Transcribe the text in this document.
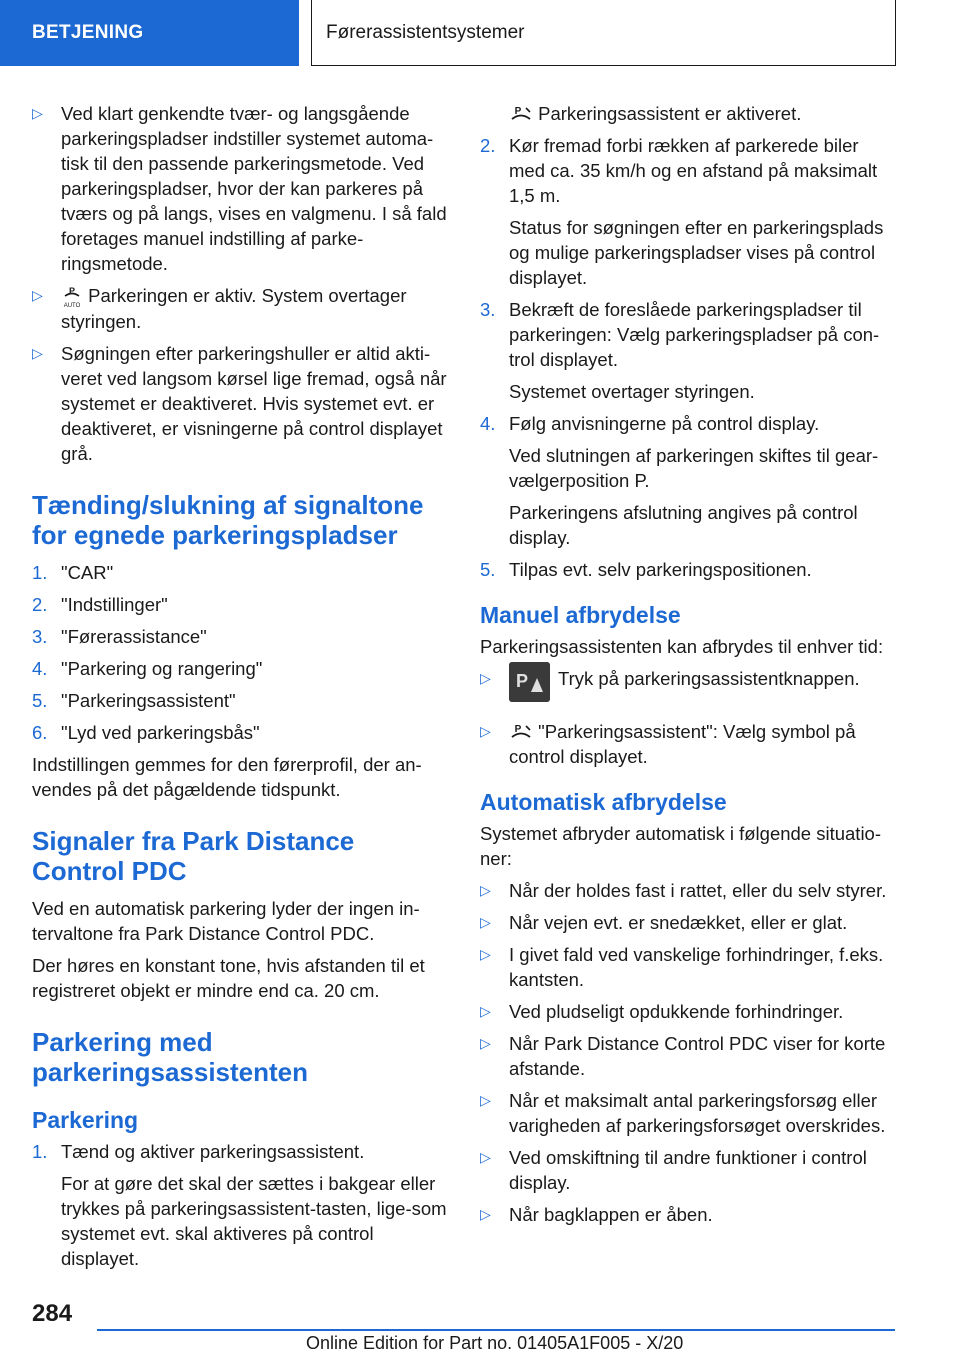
BETJENING	Førerassistentsystemer
▷ Ved klart genkendte tvær- og langsgående parkeringspladser indstiller systemet automa-tisk til den passende parkeringsmetode. Ved parkeringspladser, hvor der kan parkeres på tværs og på langs, vises en valgmenu. I så fald foretages manuel indstilling af parke-ringsmetode.
▷	P
AUTO
Parkeringen er aktiv. System overtager styringen.
▷ Søgningen efter parkeringshuller er altid akti-veret ved langsom kørsel lige fremad, også når systemet er deaktiveret. Hvis systemet evt. er deaktiveret, er visningerne på control displayet grå.
Tænding/slukning af signaltone for egnede parkeringspladser
1. "CAR"
2. "Indstillinger"
3. "Førerassistance"
4. "Parkering og rangering"
5. "Parkeringsassistent"
6. "Lyd ved parkeringsbås"

Indstillingen gemmes for den førerprofil, der an-vendes på det pågældende tidspunkt.

Signaler fra Park Distance Control PDC

Ved en automatisk parkering lyder der ingen in-tervaltone fra Park Distance Control PDC.

Der høres en konstant tone, hvis afstanden til et registreret objekt er mindre end ca. 20 cm.

Parkering med parkeringsassistenten
Parkering
1. Tænd og aktiver parkeringsassistent.
For at gøre det skal der sættes i bakgear eller trykkes på parkeringsassistent-tasten, lige-som systemet evt. skal aktiveres på control displayet.
P Parkeringsassistent er aktiveret.
2. Kør fremad forbi rækken af parkerede biler med ca. 35 km/h og en afstand på maksimalt 1,5 m.
Status for søgningen efter en parkeringsplads og mulige parkeringspladser vises på control displayet.
3. Bekræft de foreslåede parkeringspladser til parkeringen: Vælg parkeringspladser på con-trol displayet.
Systemet overtager styringen.
4. Følg anvisningerne på control display.
Ved slutningen af parkeringen skiftes til gear-vælgerposition P.
Parkeringens afslutning angives på control display.
5. Tilpas evt. selv parkeringspositionen.
Manuel afbrydelse

Parkeringsassistenten kan afbrydes til enhver tid:

▷	P Tryk på parkeringsassistentknappen.
▷	P "Parkeringsassistent": Vælg symbol på control displayet.
Automatisk afbrydelse

Systemet afbryder automatisk i følgende situatio-ner:

▷ Når der holdes fast i rattet, eller du selv styrer.
▷ Når vejen evt. er snedækket, eller er glat.
▷ I givet fald ved vanskelige forhindringer, f.eks. kantsten.
▷ Ved pludseligt opdukkende forhindringer.
▷ Når Park Distance Control PDC viser for korte afstande.
▷ Når et maksimalt antal parkeringsforsøg eller varigheden af parkeringsforsøget overskrides.
▷ Ved omskiftning til andre funktioner i control display.
▷ Når bagklappen er åben.
284
Online Edition for Part no. 01405A1F005 - X/20
